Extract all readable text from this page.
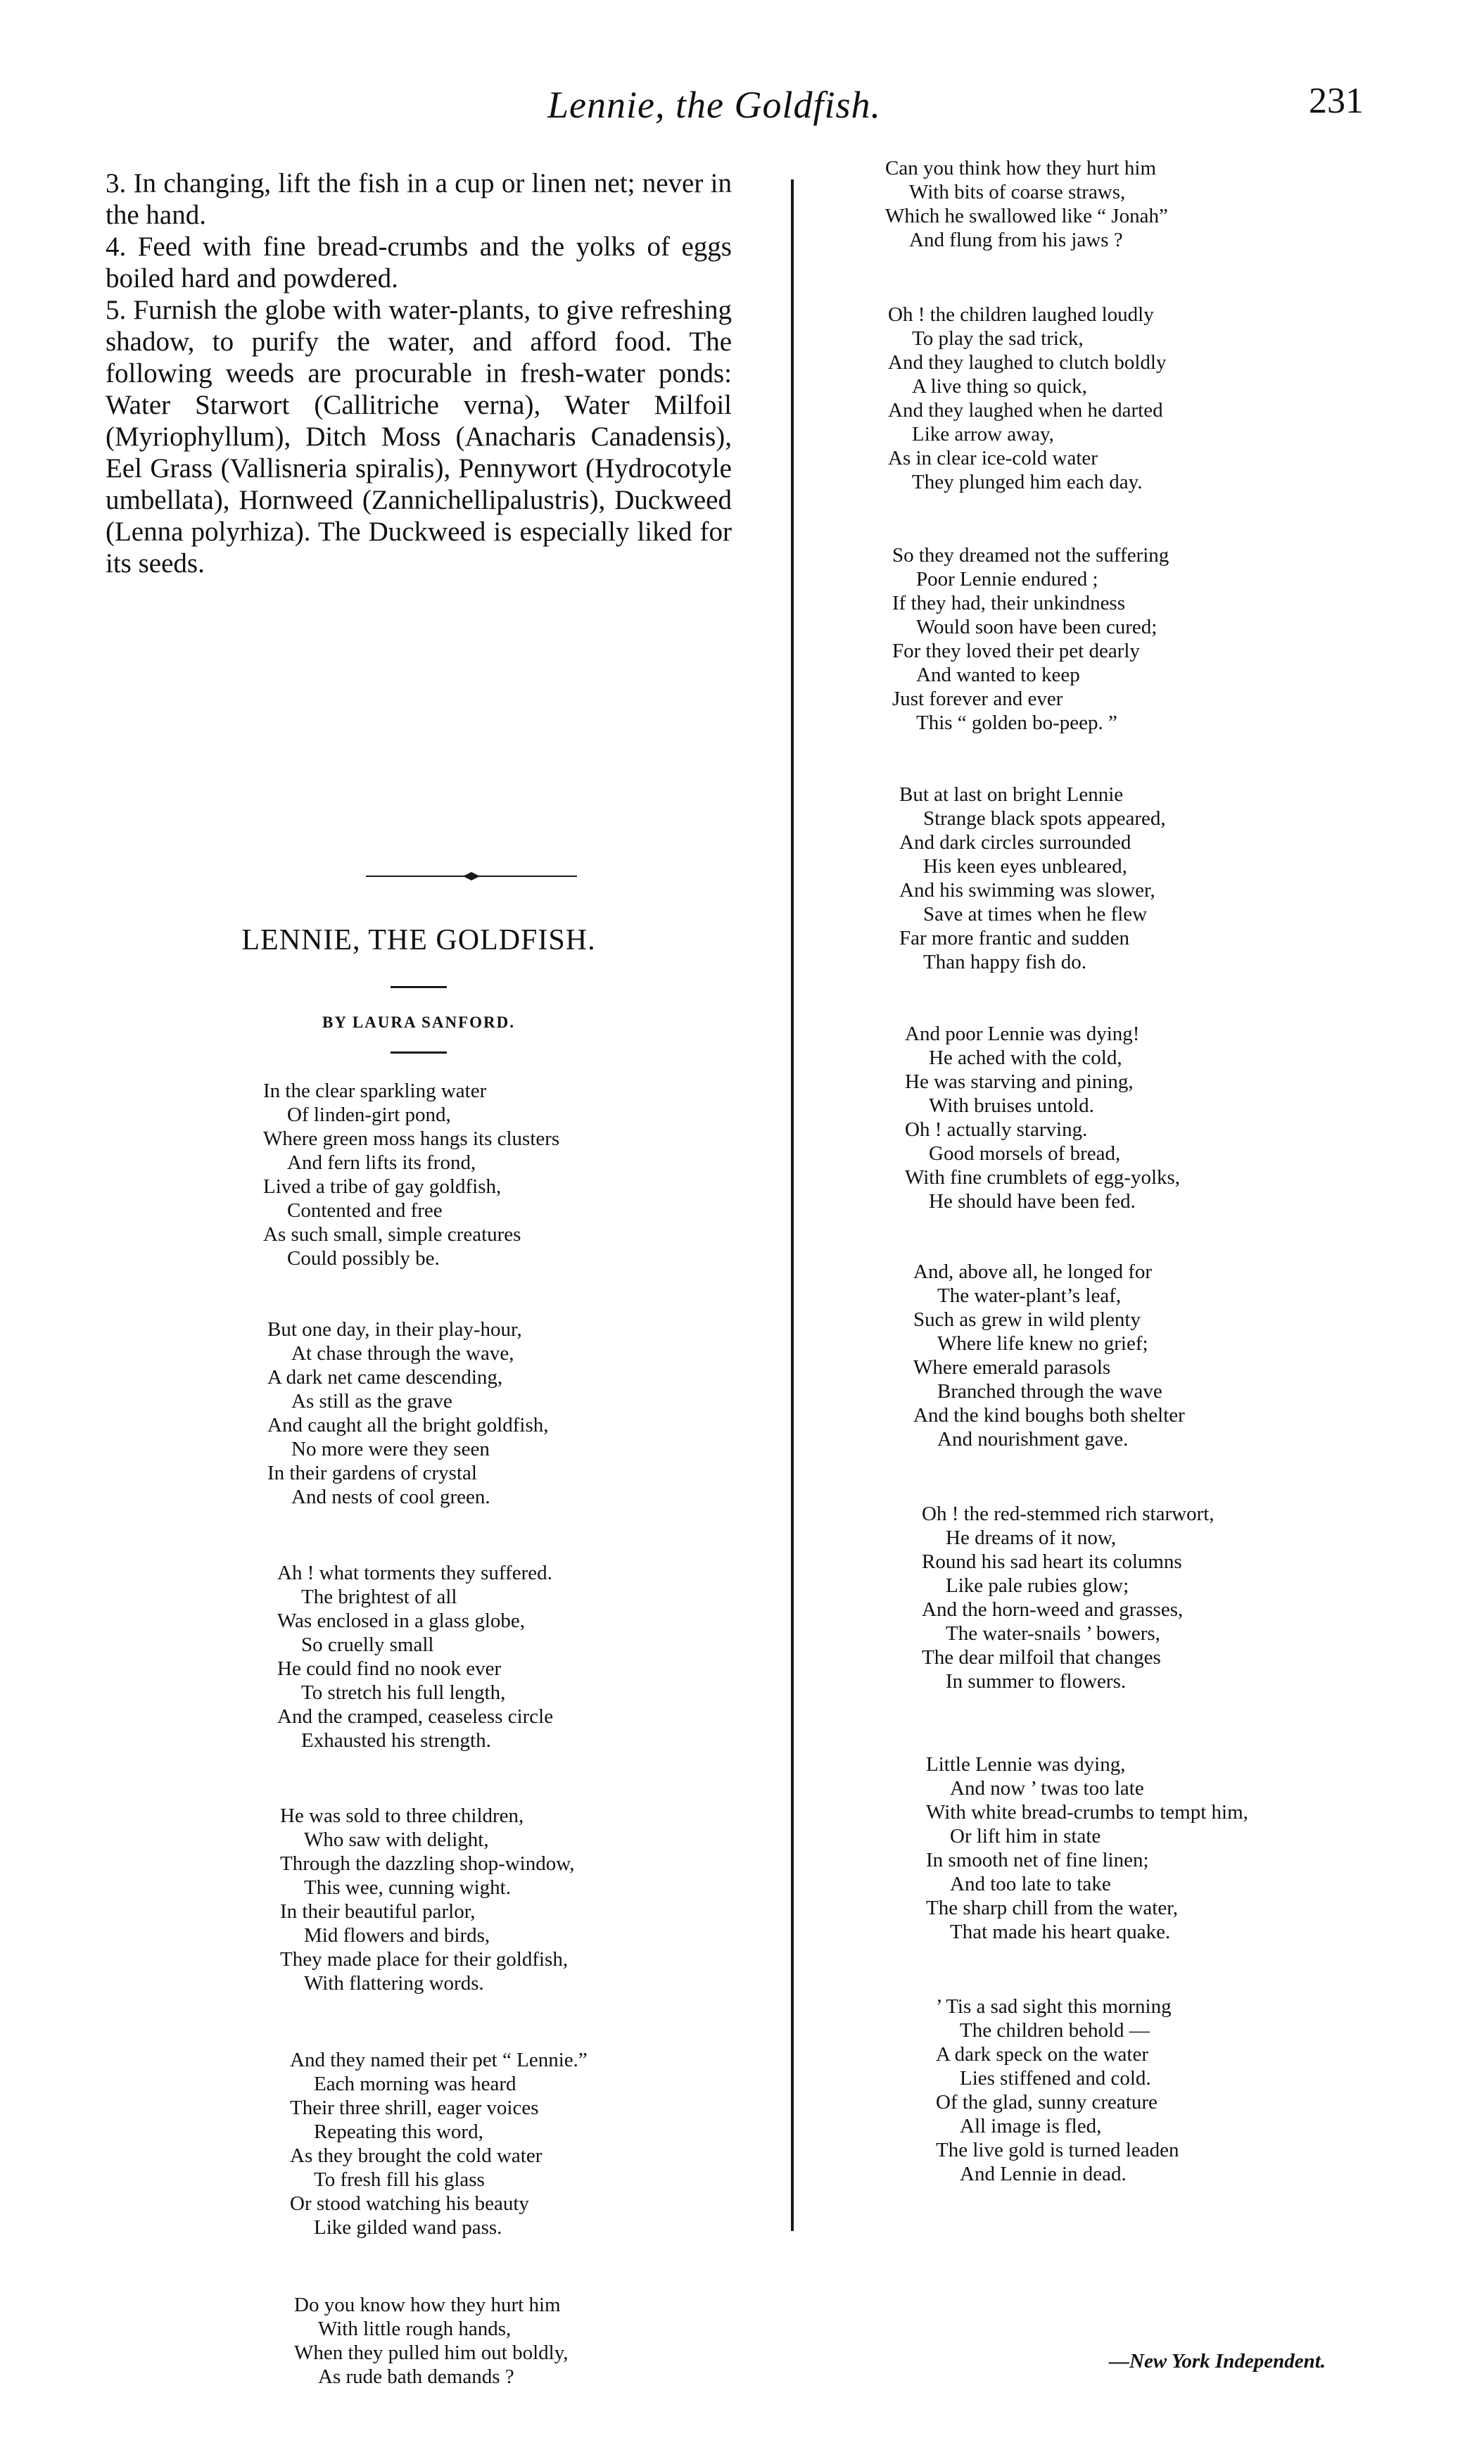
Lennie, the Goldfish.	231

3. In changing, lift the fish in a cup or linen net; never in the hand.

4. Feed with fine bread-crumbs and the yolks of eggs boiled hard and powdered.

5. Furnish the globe with water-plants, to give refreshing shadow, to purify the water, and afford food. The following weeds are procurable in fresh-water ponds: Water Starwort (Callitriche verna), Water Milfoil (Myriophyllum), Ditch Moss (Anacharis Canadensis), Eel Grass (Vallisneria spiralis), Pennywort (Hydrocotyle umbellata), Hornweed (Zannichellipalustris), Duckweed (Lenna polyrhiza). The Duckweed is especially liked for its seeds.

LENNIE, THE GOLDFISH.
BY LAURA SANFORD.
In the clear sparkling water
Of linden-girt pond,
Where green moss hangs its clusters
And fern lifts its frond,
Lived a tribe of gay goldfish,
Contented and free
As such small, simple creatures
Could possibly be.
But one day, in their play-hour,
At chase through the wave,
A dark net came descending,
As still as the grave
And caught all the bright goldfish,
No more were they seen
In their gardens of crystal
And nests of cool green.
Ah ! what torments they suffered.
The brightest of all
Was enclosed in a glass globe,
So cruelly small
He could find no nook ever
To stretch his full length,
And the cramped, ceaseless circle
Exhausted his strength.
He was sold to three children,
Who saw with delight,
Through the dazzling shop-window,
This wee, cunning wight.
In their beautiful parlor,
Mid flowers and birds,
They made place for their goldfish,
With flattering words.
And they named their pet “ Lennie.”
Each morning was heard
Their three shrill, eager voices
Repeating this word,
As they brought the cold water
To fresh fill his glass
Or stood watching his beauty
Like gilded wand pass.
Do you know how they hurt him
With little rough hands,
When they pulled him out boldly,
As rude bath demands ?
Can you think how they hurt him
With bits of coarse straws,
Which he swallowed like “ Jonah”
And flung from his jaws ?
Oh ! the children laughed loudly
To play the sad trick,
And they laughed to clutch boldly
A live thing so quick,
And they laughed when he darted
Like arrow away,
As in clear ice-cold water
They plunged him each day.
So they dreamed not the suffering
Poor Lennie endured ;
If they had, their unkindness
Would soon have been cured;
For they loved their pet dearly
And wanted to keep
Just forever and ever
This “ golden bo-peep. ”
But at last on bright Lennie
Strange black spots appeared,
And dark circles surrounded
His keen eyes unbleared,
And his swimming was slower,
Save at times when he flew
Far more frantic and sudden
Than happy fish do.
And poor Lennie was dying!
He ached with the cold,
He was starving and pining,
With bruises untold.
Oh ! actually starving.
Good morsels of bread,
With fine crumblets of egg-yolks,
He should have been fed.
And, above all, he longed for
The water-plant’s leaf,
Such as grew in wild plenty
Where life knew no grief;
Where emerald parasols
Branched through the wave
And the kind boughs both shelter
And nourishment gave.
Oh ! the red-stemmed rich starwort,
He dreams of it now,
Round his sad heart its columns
Like pale rubies glow;
And the horn-weed and grasses,
The water-snails ’ bowers,
The dear milfoil that changes
In summer to flowers.
Little Lennie was dying,
And now ’ twas too late
With white bread-crumbs to tempt him,
Or lift him in state
In smooth net of fine linen;
And too late to take
The sharp chill from the water,
That made his heart quake.
’ Tis a sad sight this morning
The children behold —
A dark speck on the water
Lies stiffened and cold.
Of the glad, sunny creature
All image is fled,
The live gold is turned leaden
And Lennie in dead.
—New York Independent.
